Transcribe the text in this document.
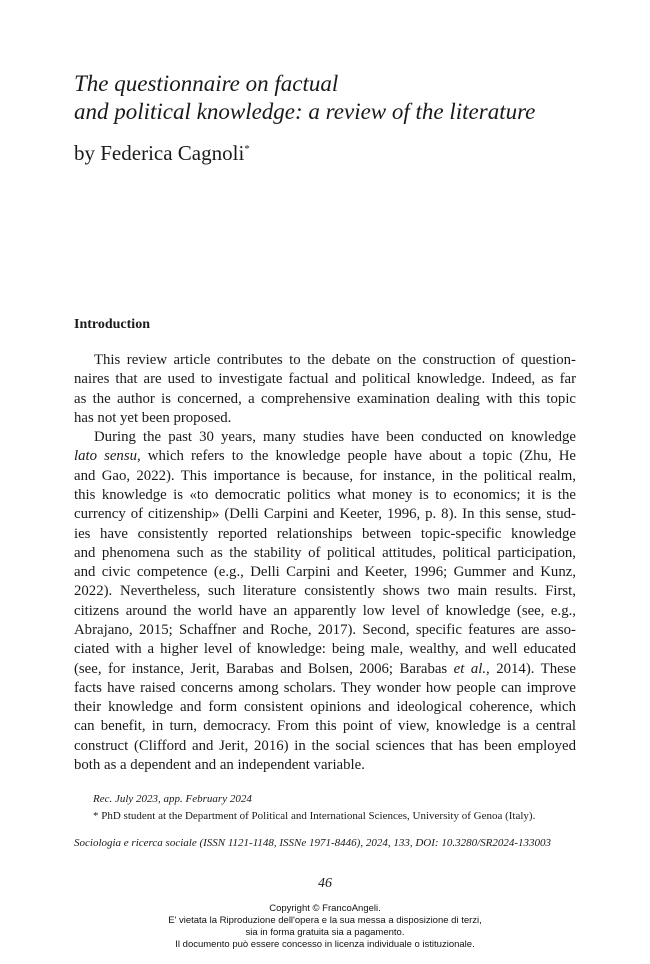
The questionnaire on factual
and political knowledge: a review of the literature

by Federica Cagnoli*

Introduction
This review article contributes to the debate on the construction of question-
naires that are used to investigate factual and political knowledge. Indeed, as far
as the author is concerned, a comprehensive examination dealing with this topic
has not yet been proposed.
During the past 30 years, many studies have been conducted on knowledge
lato sensu, which refers to the knowledge people have about a topic (Zhu, He
and Gao, 2022). This importance is because, for instance, in the political realm,
this knowledge is «to democratic politics what money is to economics; it is the
currency of citizenship» (Delli Carpini and Keeter, 1996, p. 8). In this sense, stud-
ies have consistently reported relationships between topic-specific knowledge
and phenomena such as the stability of political attitudes, political participation,
and civic competence (e.g., Delli Carpini and Keeter, 1996; Gummer and Kunz,
2022). Nevertheless, such literature consistently shows two main results. First,
citizens around the world have an apparently low level of knowledge (see, e.g.,
Abrajano, 2015; Schaffner and Roche, 2017). Second, specific features are asso-
ciated with a higher level of knowledge: being male, wealthy, and well educated
(see, for instance, Jerit, Barabas and Bolsen, 2006; Barabas et al., 2014). These
facts have raised concerns among scholars. They wonder how people can improve
their knowledge and form consistent opinions and ideological coherence, which
can benefit, in turn, democracy. From this point of view, knowledge is a central
construct (Clifford and Jerit, 2016) in the social sciences that has been employed
both as a dependent and an independent variable.

Rec. July 2023, app. February 2024

* PhD student at the Department of Political and International Sciences, University of Genoa (Italy).

Sociologia e ricerca sociale (ISSN 1121-1148, ISSNe 1971-8446), 2024, 133, DOI: 10.3280/SR2024-133003

46

Copyright © FrancoAngeli.
E' vietata la Riproduzione dell'opera e la sua messa a disposizione di terzi,
sia in forma gratuita sia a pagamento.
Il documento può essere concesso in licenza individuale o istituzionale.
